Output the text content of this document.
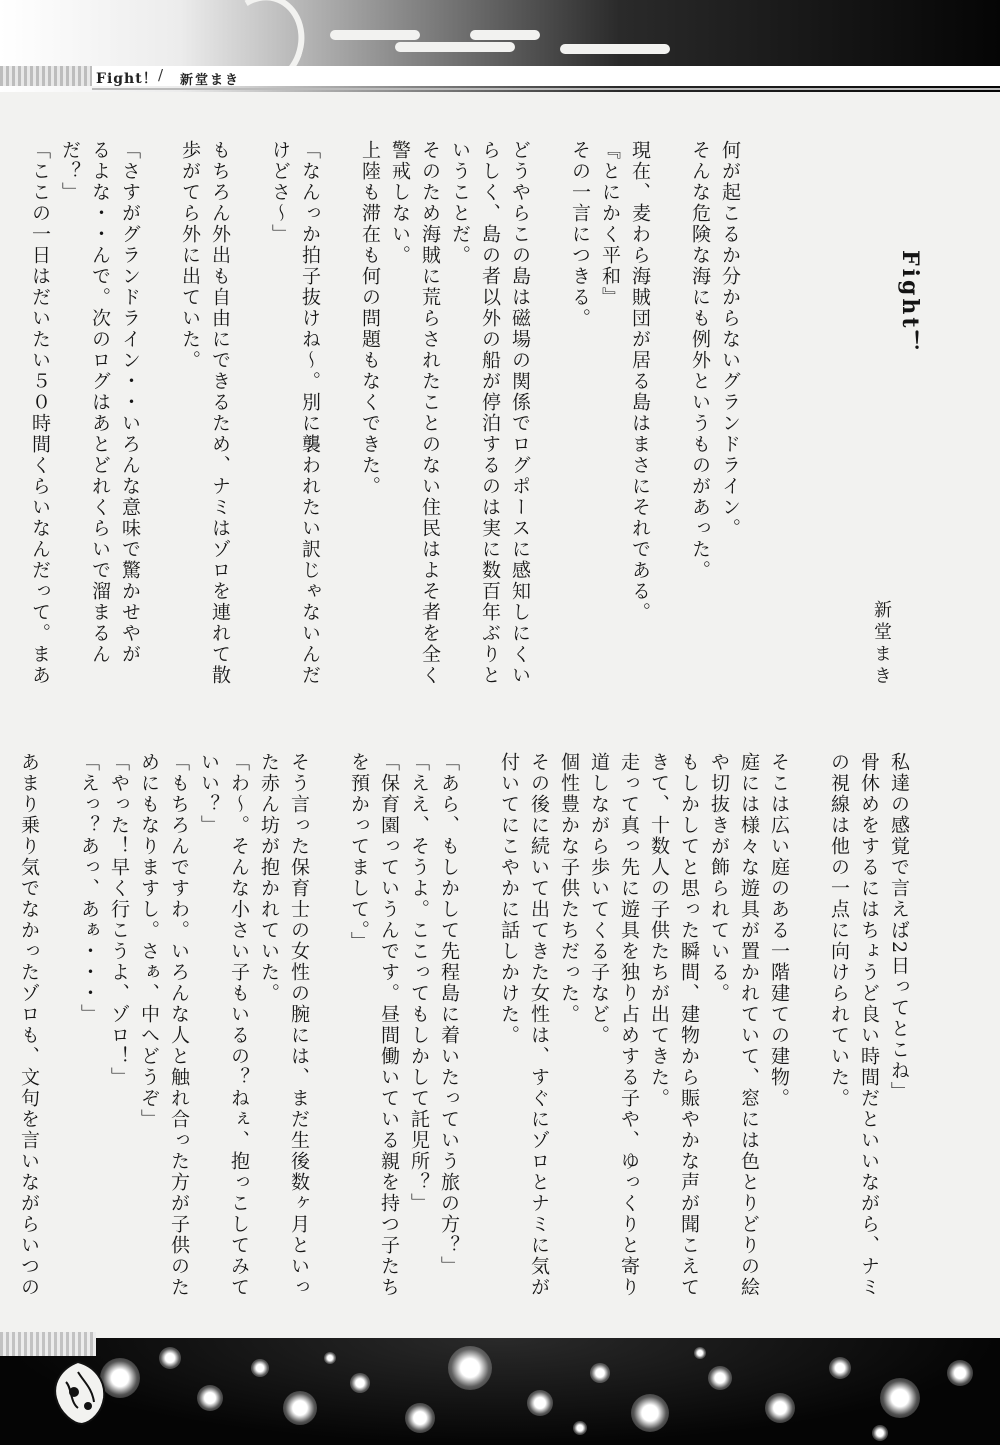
Fight！ / 新堂まき
Fight！
新堂まき

何が起こるか分からないグランドライン。

そんな危険な海にも例外というものがあった。

現在、麦わら海賊団が居る島はまさにそれである。

『とにかく平和』

その一言につきる。

どうやらこの島は磁場の関係でログポースに感知しにくい

らしく、島の者以外の船が停泊するのは実に数百年ぶりと

いうことだ。

そのため海賊に荒らされたことのない住民はよそ者を全く

警戒しない。

上陸も滞在も何の問題もなくできた。

「なんっか拍子抜けね～。別に襲われたい訳じゃないんだ

けどさ～」

もちろん外出も自由にできるため、ナミはゾロを連れて散

歩がてら外に出ていた。

「さすがグランドライン・・いろんな意味で驚かせやが

るよな・・んで。次のログはあとどれくらいで溜まるん

だ？」

「ここの一日はだいたい５０時間くらいなんだって。まあ

私達の感覚で言えば2日ってとこね」

骨休めをするにはちょうど良い時間だといいながら、ナミ

の視線は他の一点に向けられていた。

そこは広い庭のある一階建ての建物。

庭には様々な遊具が置かれていて、窓には色とりどりの絵

や切抜きが飾られている。

もしかしてと思った瞬間、建物から賑やかな声が聞こえて

きて、十数人の子供たちが出てきた。

走って真っ先に遊具を独り占めする子や、ゆっくりと寄り

道しながら歩いてくる子など。

個性豊かな子供たちだった。

その後に続いて出てきた女性は、すぐにゾロとナミに気が

付いてにこやかに話しかけた。

「あら、もしかして先程島に着いたっていう旅の方？」

「ええ、そうよ。ここってもしかして託児所？」

「保育園っていうんです。昼間働いている親を持つ子たち

を預かってまして。」

そう言った保育士の女性の腕には、まだ生後数ヶ月といっ

た赤ん坊が抱かれていた。

「わ～。そんな小さい子もいるの？ねぇ、抱っこしてみて

いい？」

「もちろんですわ。いろんな人と触れ合った方が子供のた

めにもなりますし。さぁ、中へどうぞ」

「やった！早く行こうよ、ゾロ！」

「えっ？あっ、あぁ・・・」

あまり乗り気でなかったゾロも、文句を言いながらいつの
